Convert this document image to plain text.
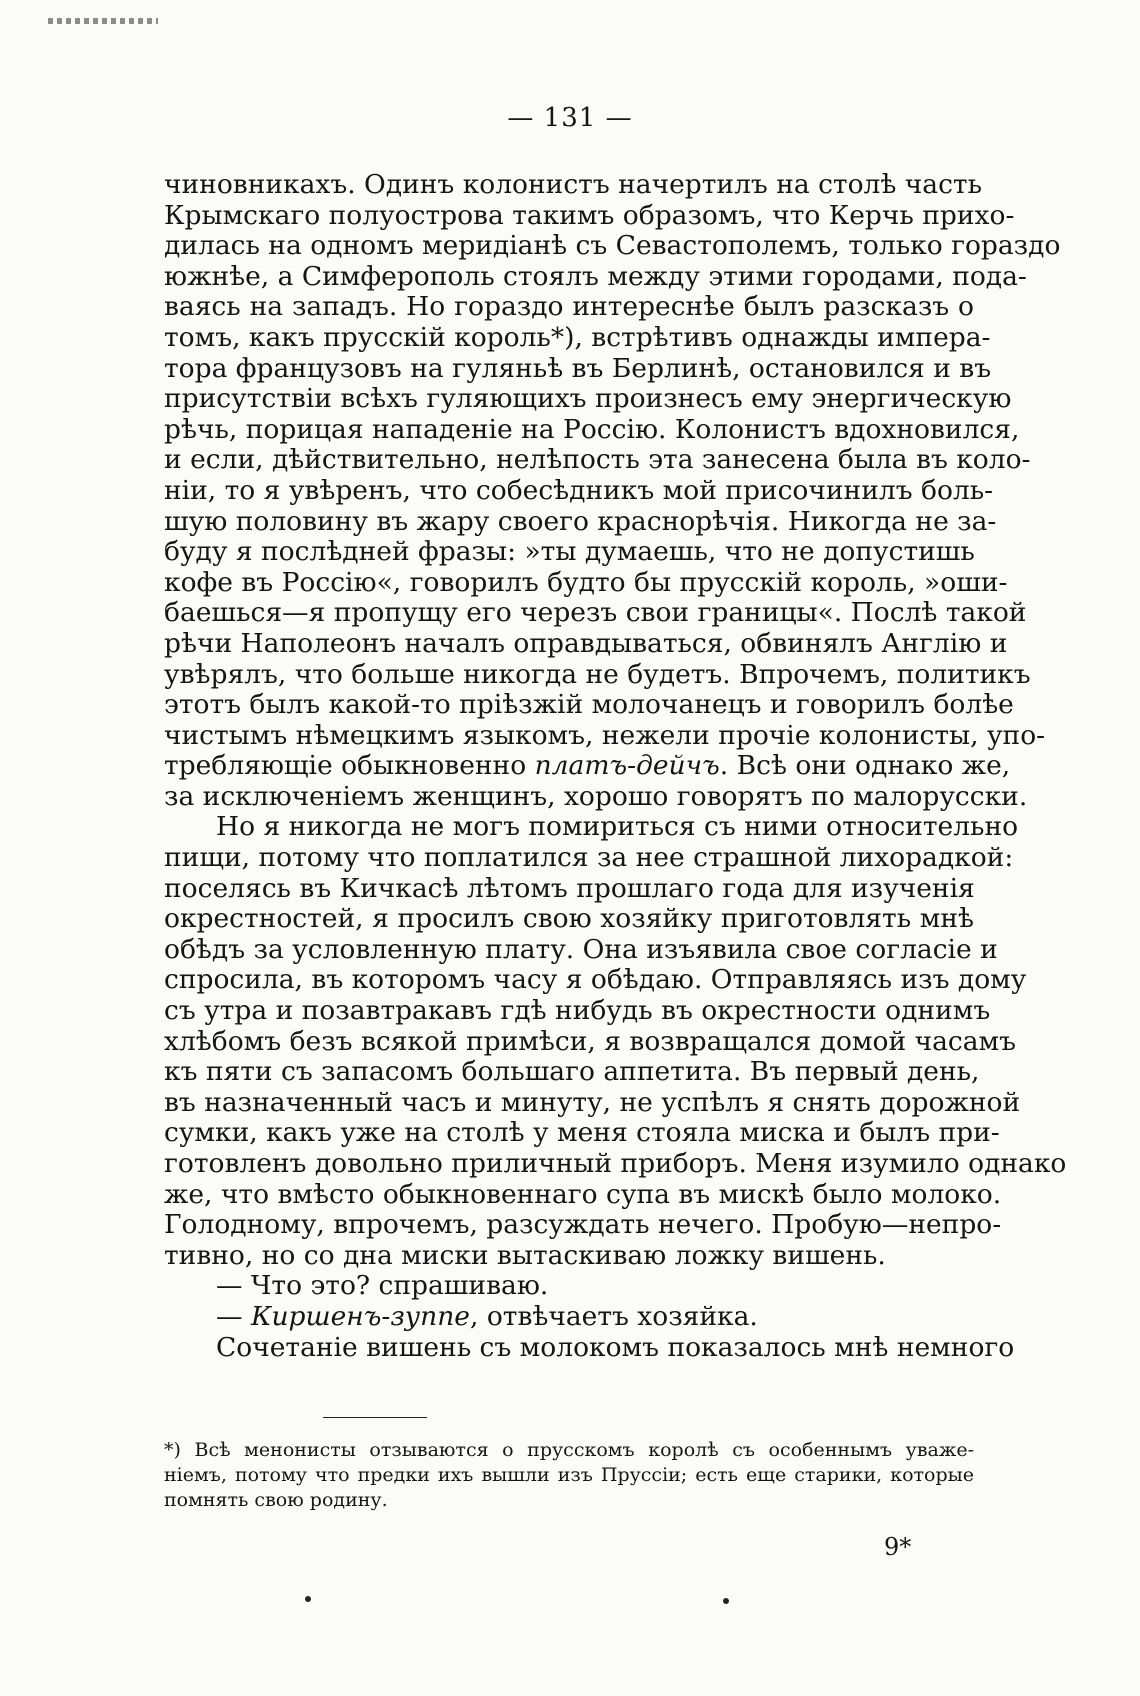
— 131 —
чиновникахъ. Одинъ колонистъ начертилъ на столѣ часть
Крымскаго полуострова такимъ образомъ, что Керчь прихо-
дилась на одномъ меридіанѣ съ Севастополемъ, только гораздо
южнѣе, а Симферополь стоялъ между этими городами, пода-
ваясь на западъ. Но гораздо интереснѣе былъ разсказъ о
томъ, какъ прусскій король*), встрѣтивъ однажды импера-
тора французовъ на гуляньѣ въ Берлинѣ, остановился и въ
присутствіи всѣхъ гуляющихъ произнесъ ему энергическую
рѣчь, порицая нападеніе на Россію. Колонистъ вдохновился,
и если, дѣйствительно, нелѣпость эта занесена была въ коло-
ніи, то я увѣренъ, что собесѣдникъ мой присочинилъ боль-
шую половину въ жару своего краснорѣчія. Никогда не за-
буду я послѣдней фразы: »ты думаешь, что не допустишь
кофе въ Россію«, говорилъ будто бы прусскій король, »оши-
баешься—я пропущу его черезъ свои границы«. Послѣ такой
рѣчи Наполеонъ началъ оправдываться, обвинялъ Англію и
увѣрялъ, что больше никогда не будетъ. Впрочемъ, политикъ
этотъ былъ какой-то пріѣзжій молочанецъ и говорилъ болѣе
чистымъ нѣмецкимъ языкомъ, нежели прочіе колонисты, упо-
требляющіе обыкновенно платъ-дейчъ. Всѣ они однако же,
за исключеніемъ женщинъ, хорошо говорятъ по малорусски.
Но я никогда не могъ помириться съ ними относительно
пищи, потому что поплатился за нее страшной лихорадкой:
поселясь въ Кичкасѣ лѣтомъ прошлаго года для изученія
окрестностей, я просилъ свою хозяйку приготовлять мнѣ
обѣдъ за условленную плату. Она изъявила свое согласіе и
спросила, въ которомъ часу я обѣдаю. Отправляясь изъ дому
съ утра и позавтракавъ гдѣ нибудь въ окрестности однимъ
хлѣбомъ безъ всякой примѣси, я возвращался домой часамъ
къ пяти съ запасомъ большаго аппетита. Въ первый день,
въ назначенный часъ и минуту, не успѣлъ я снять дорожной
сумки, какъ уже на столѣ у меня стояла миска и былъ при-
готовленъ довольно приличный приборъ. Меня изумило однако
же, что вмѣсто обыкновеннаго супа въ мискѣ было молоко.
Голодному, впрочемъ, разсуждать нечего. Пробую—непро-
тивно, но со дна миски вытаскиваю ложку вишень.
— Что это? спрашиваю.
— Киршенъ-зуппе, отвѣчаетъ хозяйка.
Сочетаніе вишень съ молокомъ показалось мнѣ немного
*) Всѣ менонисты отзываются о прусскомъ королѣ съ особеннымъ уваже-
ніемъ, потому что предки ихъ вышли изъ Пруссіи; есть еще старики, которые
помнять свою родину.
9*
